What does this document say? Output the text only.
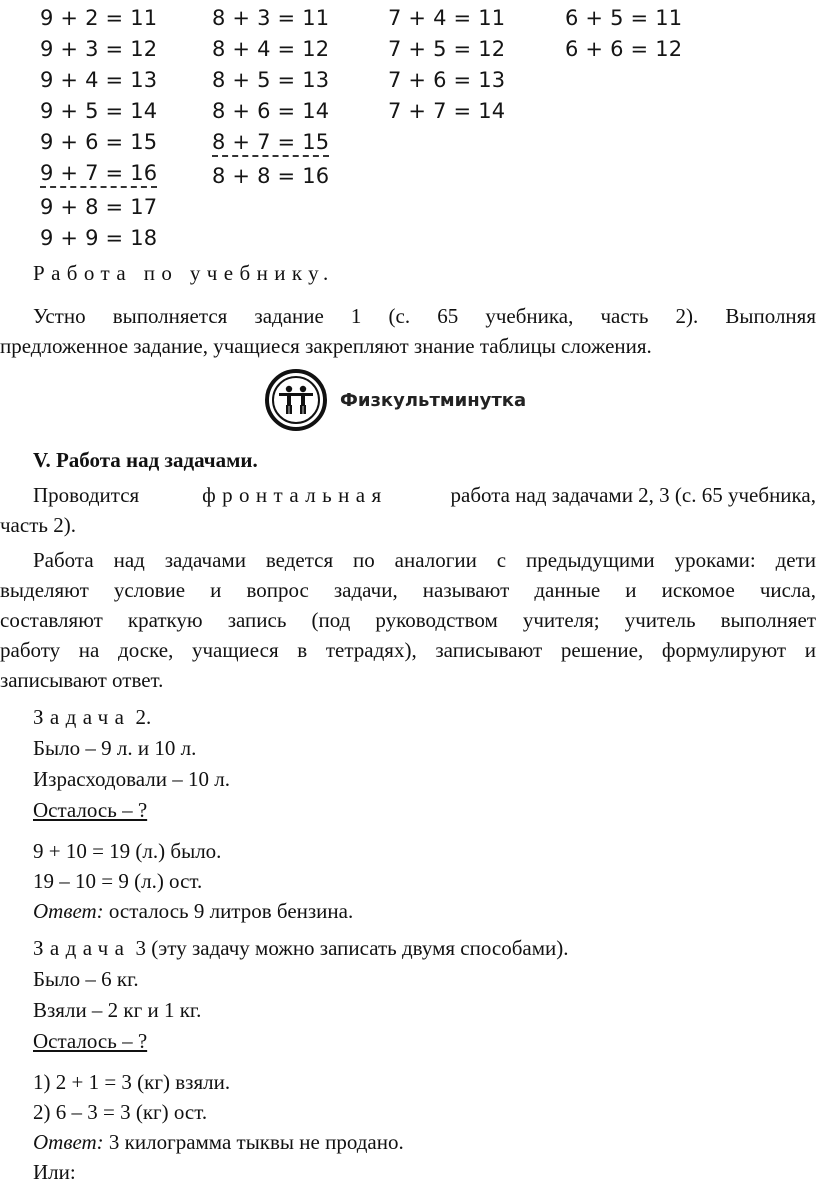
9 + 2 = 11
9 + 3 = 12
9 + 4 = 13
9 + 5 = 14
9 + 6 = 15
9 + 7 = 16
9 + 8 = 17
9 + 9 = 18
8 + 3 = 11
8 + 4 = 12
8 + 5 = 13
8 + 6 = 14
8 + 7 = 15
8 + 8 = 16
7 + 4 = 11
7 + 5 = 12
7 + 6 = 13
7 + 7 = 14
6 + 5 = 11
6 + 6 = 12
Работа по учебнику.
Устно выполняется задание 1 (с. 65 учебника, часть 2). Выполняя
предложенное задание, учащиеся закрепляют знание таблицы сложения.
Физкультминутка
V. Работа над задачами.
Проводится	фронтальная	работа над задачами 2, 3 (с. 65 учебника,
часть 2).
Работа над задачами ведется по аналогии с предыдущими уроками: дети
выделяют условие и вопрос задачи, называют данные и искомое числа,
составляют краткую запись (под руководством учителя; учитель выполняет
работу на доске, учащиеся в тетрадях), записывают решение, формулируют и
записывают ответ.
Задача 2.
Было – 9 л. и 10 л.
Израсходовали – 10 л.
Осталось – ?
9 + 10 = 19 (л.) было.
19 – 10 = 9 (л.) ост.
Ответ: осталось 9 литров бензина.
Задача 3 (эту задачу можно записать двумя способами).
Было – 6 кг.
Взяли – 2 кг и 1 кг.
Осталось – ?
1) 2 + 1 = 3 (кг) взяли.
2) 6 – 3 = 3 (кг) ост.
Ответ: 3 килограмма тыквы не продано.
Или:
